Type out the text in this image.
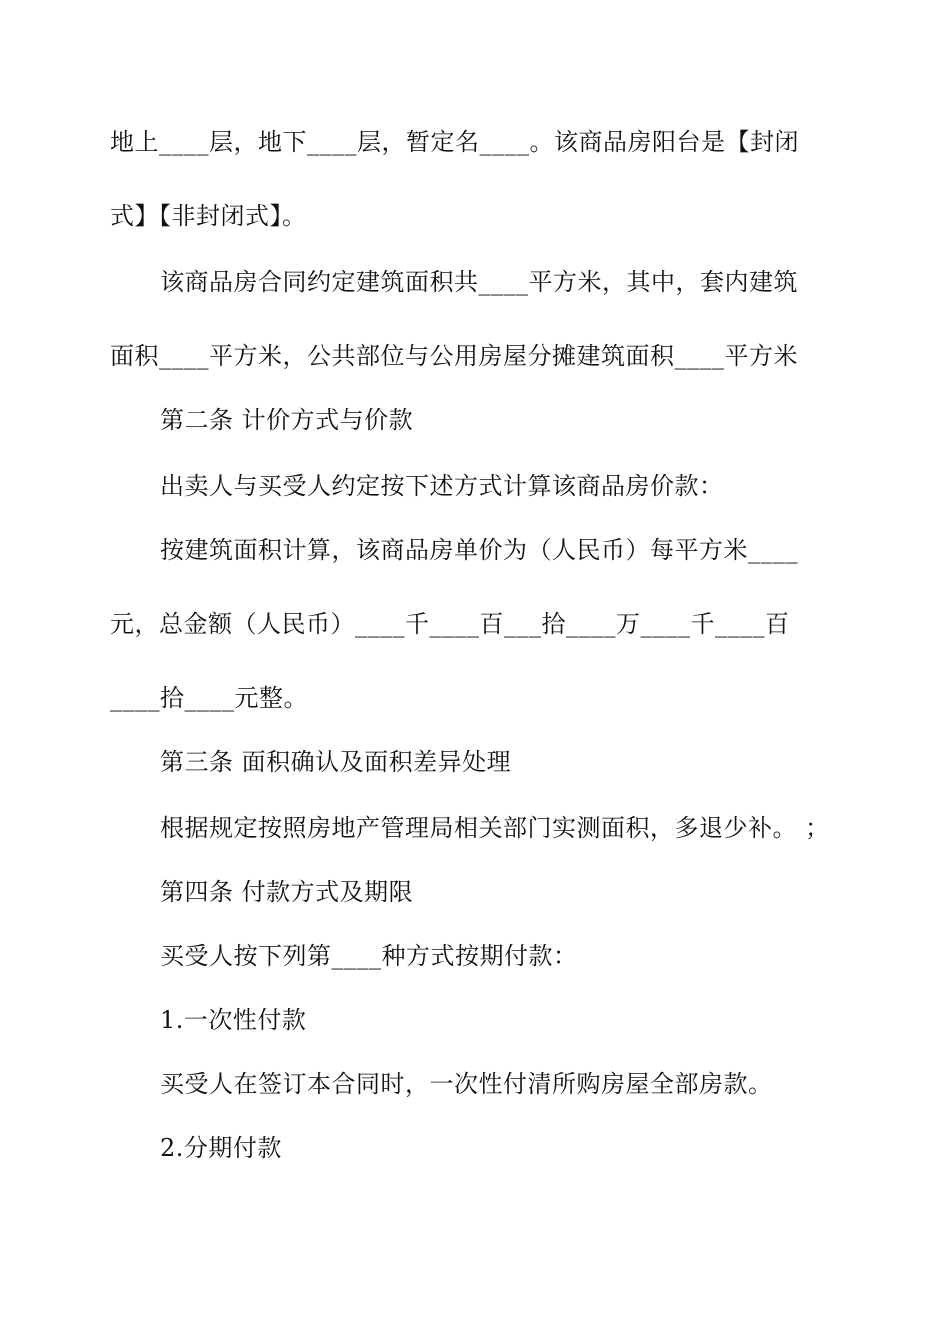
地上____层，地下____层，暂定名____。该商品房阳台是【封闭
式】【非封闭式】。
该商品房合同约定建筑面积共____平方米，其中，套内建筑
面积____平方米，公共部位与公用房屋分摊建筑面积____平方米
第二条 计价方式与价款
出卖人与买受人约定按下述方式计算该商品房价款：
按建筑面积计算，该商品房单价为（人民币）每平方米____
元，总金额（人民币）____千____百___拾____万____千____百
____拾____元整。
第三条 面积确认及面积差异处理
根据规定按照房地产管理局相关部门实测面积，多退少补。 ；
第四条 付款方式及期限
买受人按下列第____种方式按期付款：
1.一次性付款
买受人在签订本合同时，一次性付清所购房屋全部房款。
2.分期付款
